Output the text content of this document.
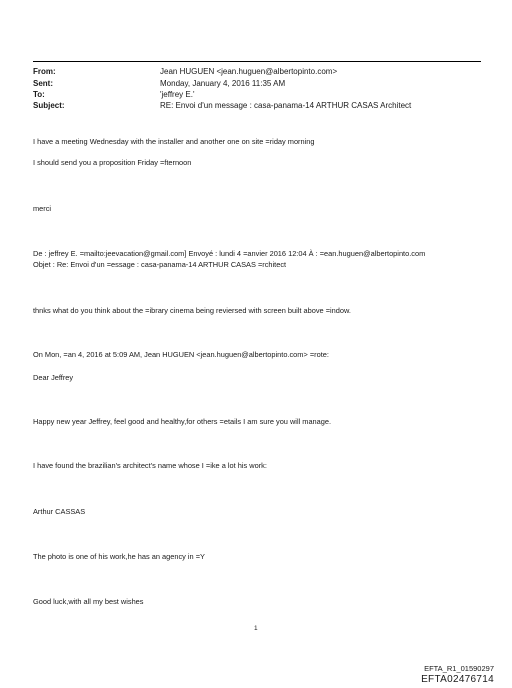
From:	Jean HUGUEN <jean.huguen@albertopinto.com>
Sent:	Monday, January 4, 2016 11:35 AM
To:	'jeffrey E.'
Subject:	RE: Envoi d'un message : casa-panama-14 ARTHUR CASAS Architect
I have a meeting Wednesday with the installer and another one on site =riday morning
I should send you a proposition Friday =fternoon
merci
De : jeffrey E. =mailto:jeevacation@gmail.com] Envoyé : lundi 4 =anvier 2016 12:04 À : =ean.huguen@albertopinto.com
Objet : Re: Envoi d'un =essage : casa-panama-14 ARTHUR CASAS =rchitect
thnks what do you think about the =ibrary cinema being reviersed with screen built above =indow.
On Mon, =an 4, 2016 at 5:09 AM, Jean HUGUEN <jean.huguen@albertopinto.com> =rote:
Dear Jeffrey
Happy new year Jeffrey, feel good and healthy,for others =etails I am sure you will manage.
I have found the brazilian's architect's name whose I =ike a lot his work:
Arthur CASSAS
The photo is one of his work,he has an agency in =Y
Good luck,with all my best wishes
1
EFTA_R1_01590297
EFTA02476714
